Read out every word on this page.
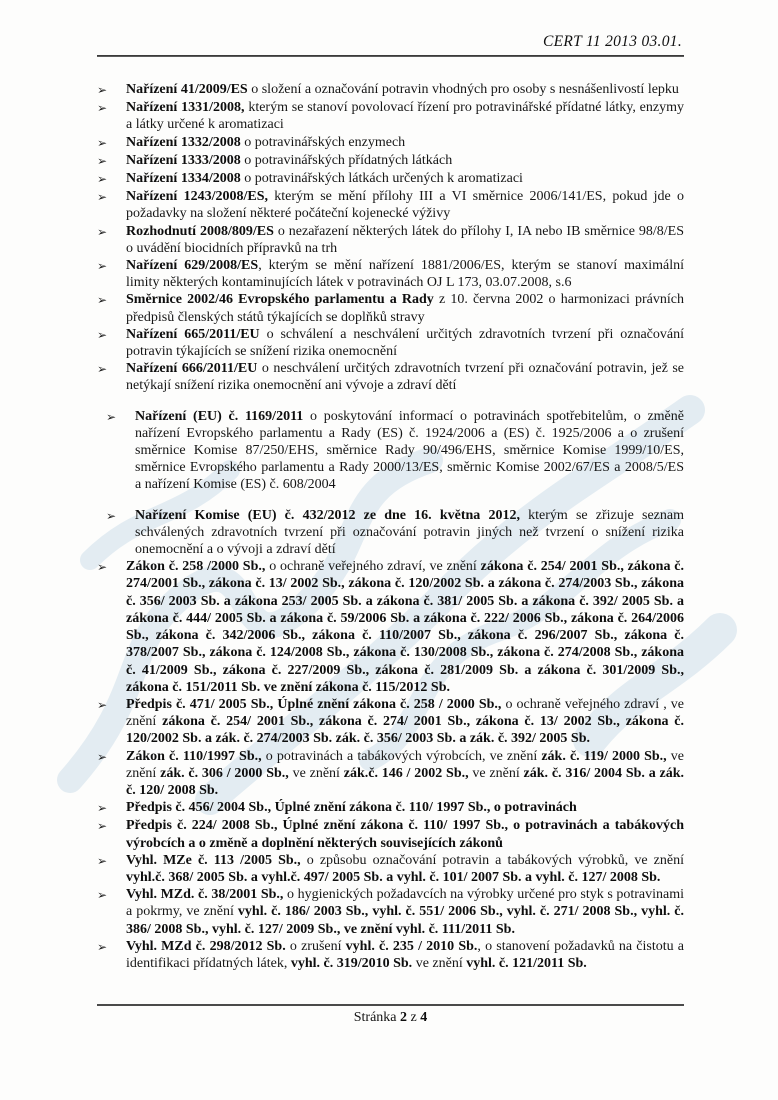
CERT 11 2013 03.01.
➢	Nařízení 41/2009/ES o složení a označování potravin vhodných pro osoby s nesnášenlivostí lepku
➢	Nařízení 1331/2008, kterým se stanoví povolovací řízení pro potravinářské přídatné látky, enzymy a látky určené k aromatizaci
➢	Nařízení 1332/2008 o potravinářských enzymech
➢	Nařízení 1333/2008 o potravinářských přídatných látkách
➢	Nařízení 1334/2008 o potravinářských látkách určených k aromatizaci
➢	Nařízení 1243/2008/ES, kterým se mění přílohy III a VI směrnice 2006/141/ES, pokud jde o požadavky na složení některé počáteční kojenecké výživy
➢	Rozhodnutí 2008/809/ES o nezařazení některých látek do přílohy I, IA nebo IB směrnice 98/8/ES o uvádění biocidních přípravků na trh
➢	Nařízení 629/2008/ES, kterým se mění nařízení 1881/2006/ES, kterým se stanoví maximální limity některých kontaminujících látek v potravinách OJ L 173, 03.07.2008, s.6
➢	Směrnice 2002/46 Evropského parlamentu a Rady z 10. června 2002 o harmonizaci právních předpisů členských států týkajících se doplňků stravy
➢	Nařízení 665/2011/EU o schválení a neschválení určitých zdravotních tvrzení při označování potravin týkajících se snížení rizika onemocnění
➢	Nařízení 666/2011/EU o neschválení určitých zdravotních tvrzení při označování potravin, jež se netýkají snížení rizika onemocnění ani vývoje a zdraví dětí
➢	Nařízení (EU) č. 1169/2011 o poskytování informací o potravinách spotřebitelům, o změně nařízení Evropského parlamentu a Rady (ES) č. 1924/2006 a (ES) č. 1925/2006 a o zrušení směrnice Komise 87/250/EHS, směrnice Rady 90/496/EHS, směrnice Komise 1999/10/ES, směrnice Evropského parlamentu a Rady 2000/13/ES, směrnic Komise 2002/67/ES a 2008/5/ES a nařízení Komise (ES) č. 608/2004
➢	Nařízení Komise (EU) č. 432/2012 ze dne 16. května 2012, kterým se zřizuje seznam schválených zdravotních tvrzení při označování potravin jiných než tvrzení o snížení rizika onemocnění a o vývoji a zdraví dětí
➢	Zákon č. 258 /2000 Sb., o ochraně veřejného zdraví, ve znění zákona č. 254/ 2001 Sb., zákona č. 274/2001 Sb., zákona č. 13/ 2002 Sb., zákona č. 120/2002 Sb. a zákona č. 274/2003 Sb., zákona č. 356/ 2003 Sb. a zákona 253/ 2005 Sb. a zákona č. 381/ 2005 Sb. a zákona č. 392/ 2005 Sb. a zákona č. 444/ 2005 Sb. a zákona č. 59/2006 Sb. a zákona č. 222/ 2006 Sb., zákona č. 264/2006 Sb., zákona č. 342/2006 Sb., zákona č. 110/2007 Sb., zákona č. 296/2007 Sb., zákona č. 378/2007 Sb., zákona č. 124/2008 Sb., zákona č. 130/2008 Sb., zákona č. 274/2008 Sb., zákona č. 41/2009 Sb., zákona č. 227/2009 Sb., zákona č. 281/2009 Sb. a zákona č. 301/2009 Sb., zákona č. 151/2011 Sb. ve znění zákona č. 115/2012 Sb.
➢	Předpis č. 471/ 2005 Sb., Úplné znění zákona č. 258 / 2000 Sb., o ochraně veřejného zdraví , ve znění zákona č. 254/ 2001 Sb., zákona č. 274/ 2001 Sb., zákona č. 13/ 2002 Sb., zákona č. 120/2002 Sb. a zák. č. 274/2003 Sb. zák. č. 356/ 2003 Sb. a zák. č. 392/ 2005 Sb.
➢	Zákon č. 110/1997 Sb., o potravinách a tabákových výrobcích, ve znění zák. č. 119/ 2000 Sb., ve znění zák. č. 306 / 2000 Sb., ve znění zák.č. 146 / 2002 Sb., ve znění zák. č. 316/ 2004 Sb. a zák. č. 120/ 2008 Sb.
➢	Předpis č. 456/ 2004 Sb., Úplné znění zákona č. 110/ 1997 Sb., o potravinách
➢	Předpis č. 224/ 2008 Sb., Úplné znění zákona č. 110/ 1997 Sb., o potravinách a tabákových výrobcích a o změně a doplnění některých souvisejících zákonů
➢	Vyhl. MZe č. 113 /2005 Sb., o způsobu označování potravin a tabákových výrobků, ve znění vyhl.č. 368/ 2005 Sb. a vyhl.č. 497/ 2005 Sb. a vyhl. č. 101/ 2007 Sb. a vyhl. č. 127/ 2008 Sb.
➢	Vyhl. MZd. č. 38/2001 Sb., o hygienických požadavcích na výrobky určené pro styk s potravinami a pokrmy, ve znění vyhl. č. 186/ 2003 Sb., vyhl. č. 551/ 2006 Sb., vyhl. č. 271/ 2008 Sb., vyhl. č. 386/ 2008 Sb., vyhl. č. 127/ 2009 Sb., ve znění vyhl. č. 111/2011 Sb.
➢	Vyhl. MZd č. 298/2012 Sb. o zrušení vyhl. č. 235 / 2010 Sb., o stanovení požadavků na čistotu a identifikaci přídatných látek, vyhl. č. 319/2010 Sb. ve znění vyhl. č. 121/2011 Sb.
Stránka 2 z 4
